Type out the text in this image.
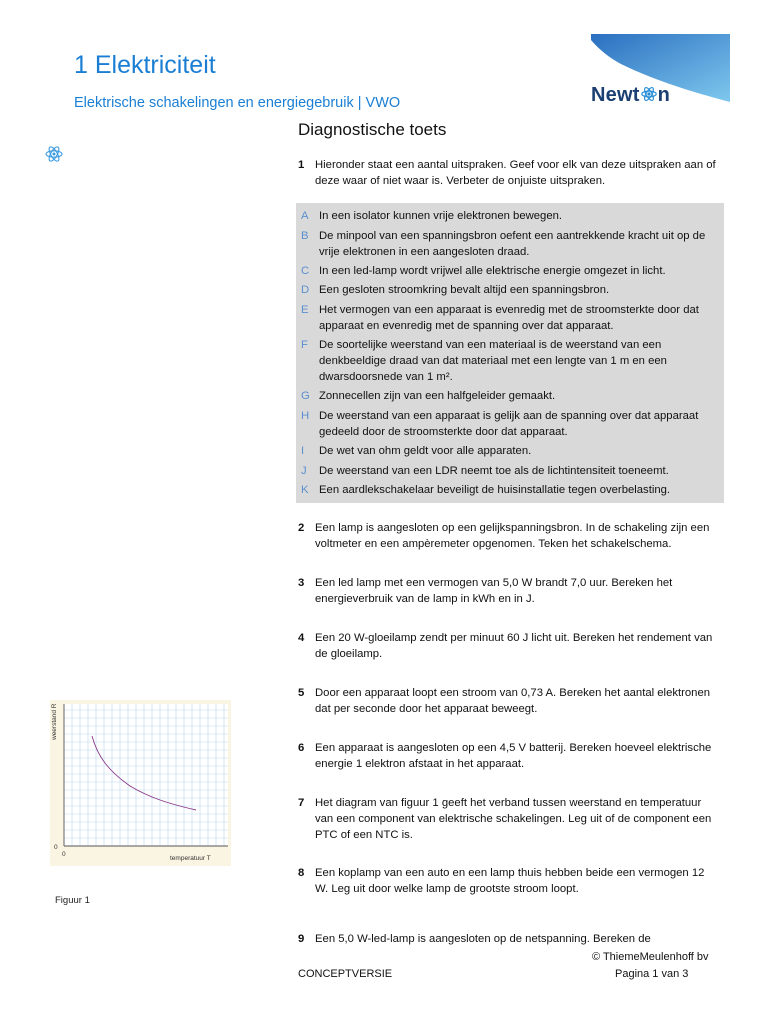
1 Elektriciteit
Elektrische schakelingen en energiegebruik | VWO	Newt n
Diagnostische toets
1 Hieronder staat een aantal uitspraken. Geef voor elk van deze uitspraken aan of deze waar of niet waar is. Verbeter de onjuiste uitspraken.
A In een isolator kunnen vrije elektronen bewegen.
B De minpool van een spanningsbron oefent een aantrekkende kracht uit op de vrije elektronen in een aangesloten draad.
C In een led-lamp wordt vrijwel alle elektrische energie omgezet in licht.
D Een gesloten stroomkring bevalt altijd een spanningsbron.
E Het vermogen van een apparaat is evenredig met de stroomsterkte door dat apparaat en evenredig met de spanning over dat apparaat.
F De soortelijke weerstand van een materiaal is de weerstand van een denkbeeldige draad van dat materiaal met een lengte van 1 m en een dwarsdoorsnede van 1 m².
G Zonnecellen zijn van een halfgeleider gemaakt.
H De weerstand van een apparaat is gelijk aan de spanning over dat apparaat gedeeld door de stroomsterkte door dat apparaat.
I De wet van ohm geldt voor alle apparaten.
J De weerstand van een LDR neemt toe als de lichtintensiteit toeneemt.
K Een aardlekschakelaar beveiligt de huisinstallatie tegen overbelasting.
2 Een lamp is aangesloten op een gelijkspanningsbron. In de schakeling zijn een voltmeter en een ampèremeter opgenomen. Teken het schakelschema.
3 Een led lamp met een vermogen van 5,0 W brandt 7,0 uur. Bereken het energieverbruik van de lamp in kWh en in J.
4 Een 20 W-gloeilamp zendt per minuut 60 J licht uit. Bereken het rendement van de gloeilamp.
5 Door een apparaat loopt een stroom van 0,73 A. Bereken het aantal elektronen dat per seconde door het apparaat beweegt.
6 Een apparaat is aangesloten op een 4,5 V batterij. Bereken hoeveel elektrische energie 1 elektron afstaat in het apparaat.
7 Het diagram van figuur 1 geeft het verband tussen weerstand en temperatuur van een component van elektrische schakelingen. Leg uit of de component een PTC of een NTC is.
8 Een koplamp van een auto en een lamp thuis hebben beide een vermogen 12 W. Leg uit door welke lamp de grootste stroom loopt.
9 Een 5,0 W-led-lamp is aangesloten op de netspanning. Bereken de
weerstand R
0
0
temperatuur T
Figuur 1
© ThiemeMeulenhoff bv
CONCEPTVERSIE	Pagina 1 van 3
